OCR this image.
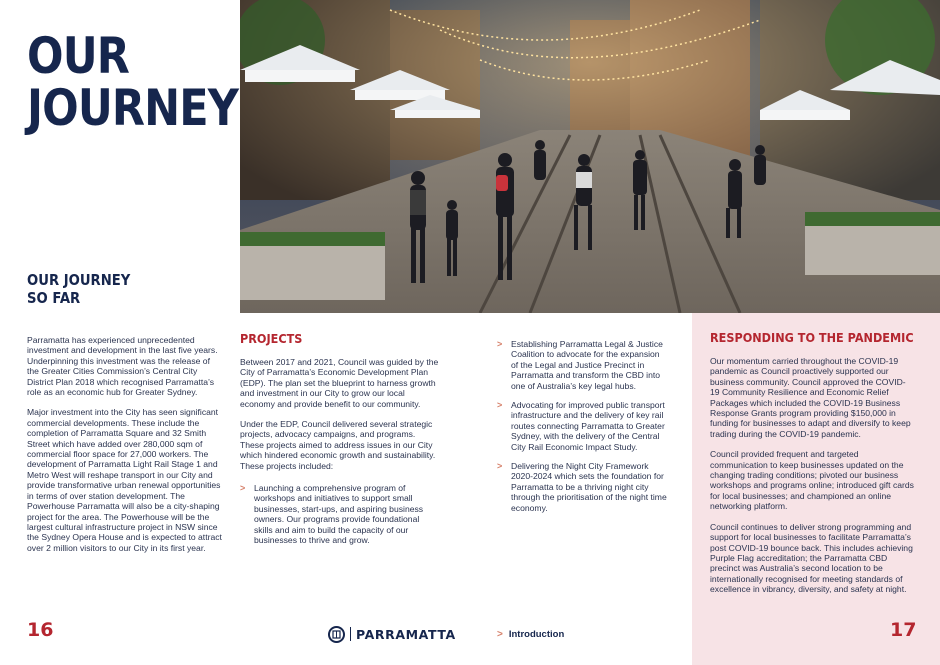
OUR
JOURNEY
OUR JOURNEY
SO FAR

Parramatta has experienced unprecedented investment and development in the last five years. Underpinning this investment was the release of the Greater Cities Commission’s Central City District Plan 2018 which recognised Parramatta’s role as an economic hub for Greater Sydney.

Major investment into the City has seen significant commercial developments. These include the completion of Parramatta Square and 32 Smith Street which have added over 280,000 sqm of commercial floor space for 27,000 workers. The development of Parramatta Light Rail Stage 1 and Metro West will reshape transport in our City and provide transformative urban renewal opportunities in terms of over station development. The Powerhouse Parramatta will also be a city-shaping project for the area. The Powerhouse will be the largest cultural infrastructure project in NSW since the Sydney Opera House and is expected to attract over 2 million visitors to our City in its first year.

PROJECTS

Between 2017 and 2021, Council was guided by the City of Parramatta’s Economic Development Plan (EDP). The plan set the blueprint to harness growth and investment in our City to grow our local economy and provide benefit to our community.

Under the EDP, Council delivered several strategic projects, advocacy campaigns, and programs. These projects aimed to address issues in our City which hindered economic growth and sustainability. These projects included:

> Launching a comprehensive program of workshops and initiatives to support small businesses, start-ups, and aspiring business owners. Our programs provide foundational skills and aim to build the capacity of our businesses to thrive and grow.
> Establishing Parramatta Legal & Justice Coalition to advocate for the expansion of the Legal and Justice Precinct in Parramatta and transform the CBD into one of Australia’s key legal hubs.
> Advocating for improved public transport infrastructure and the delivery of key rail routes connecting Parramatta to Greater Sydney, with the delivery of the Central City Rail Economic Impact Study.
> Delivering the Night City Framework 2020-2024 which sets the foundation for Parramatta to be a thriving night city through the prioritisation of the night time economy.
RESPONDING TO THE PANDEMIC

Our momentum carried throughout the COVID-19 pandemic as Council proactively supported our business community. Council approved the COVID-19 Community Resilience and Economic Relief Packages which included the COVID-19 Business Response Grants program providing $150,000 in funding for businesses to adapt and diversify to keep trading during the COVID-19 pandemic.

Council provided frequent and targeted communication to keep businesses updated on the changing trading conditions; pivoted our business workshops and programs online; introduced gift cards for local businesses; and championed an online networking platform.

Council continues to deliver strong programming and support for local businesses to facilitate Parramatta’s post COVID-19 bounce back. This includes achieving Purple Flag accreditation; the Parramatta CBD precinct was Australia’s second location to be internationally recognised for meeting standards of excellence in vibrancy, diversity, and safety at night.

16	17
PARRAMATTA	> Introduction
